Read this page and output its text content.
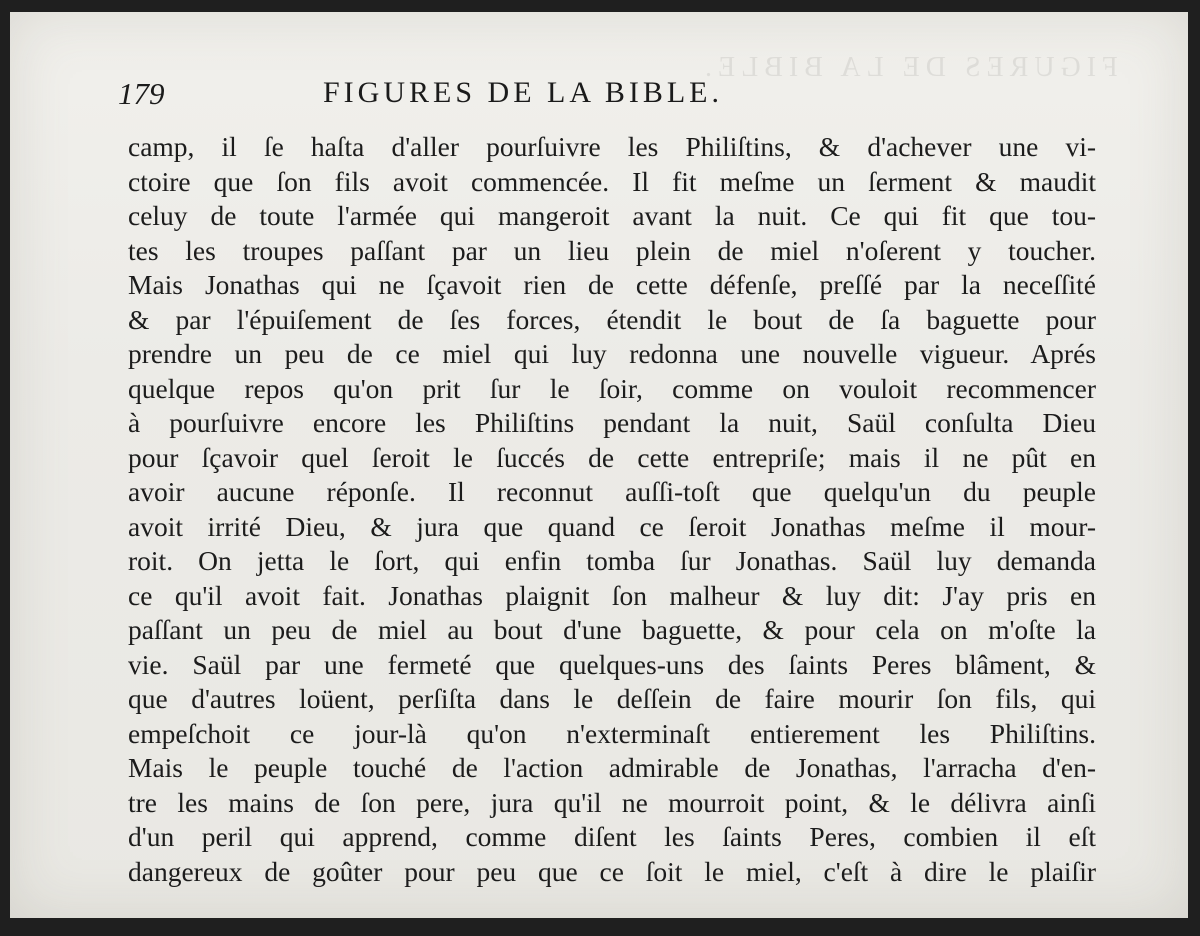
FIGURES DE LA BIBLE.
179	FIGURES DE LA BIBLE.
camp, il ſe haſta d'aller pourſuivre les Philiſtins, & d'achever une vi-
ctoire que ſon fils avoit commencée. Il fit meſme un ſerment & maudit
celuy de toute l'armée qui mangeroit avant la nuit. Ce qui fit que tou-
tes les troupes paſſant par un lieu plein de miel n'oſerent y toucher.
Mais Jonathas qui ne ſçavoit rien de cette défenſe, preſſé par la neceſſité
& par l'épuiſement de ſes forces, étendit le bout de ſa baguette pour
prendre un peu de ce miel qui luy redonna une nouvelle vigueur. Aprés
quelque repos qu'on prit ſur le ſoir, comme on vouloit recommencer
à pourſuivre encore les Philiſtins pendant la nuit, Saül conſulta Dieu
pour ſçavoir quel ſeroit le ſuccés de cette entrepriſe; mais il ne pût en
avoir aucune réponſe. Il reconnut auſſi-toſt que quelqu'un du peuple
avoit irrité Dieu, & jura que quand ce ſeroit Jonathas meſme il mour-
roit. On jetta le ſort, qui enfin tomba ſur Jonathas. Saül luy demanda
ce qu'il avoit fait. Jonathas plaignit ſon malheur & luy dit: J'ay pris en
paſſant un peu de miel au bout d'une baguette, & pour cela on m'oſte la
vie. Saül par une fermeté que quelques-uns des ſaints Peres blâment, &
que d'autres loüent, perſiſta dans le deſſein de faire mourir ſon fils, qui
empeſchoit ce jour-là qu'on n'exterminaſt entierement les Philiſtins.
Mais le peuple touché de l'action admirable de Jonathas, l'arracha d'en-
tre les mains de ſon pere, jura qu'il ne mourroit point, & le délivra ainſi
d'un peril qui apprend, comme diſent les ſaints Peres, combien il eſt
dangereux de goûter pour peu que ce ſoit le miel, c'eſt à dire le plaiſir
